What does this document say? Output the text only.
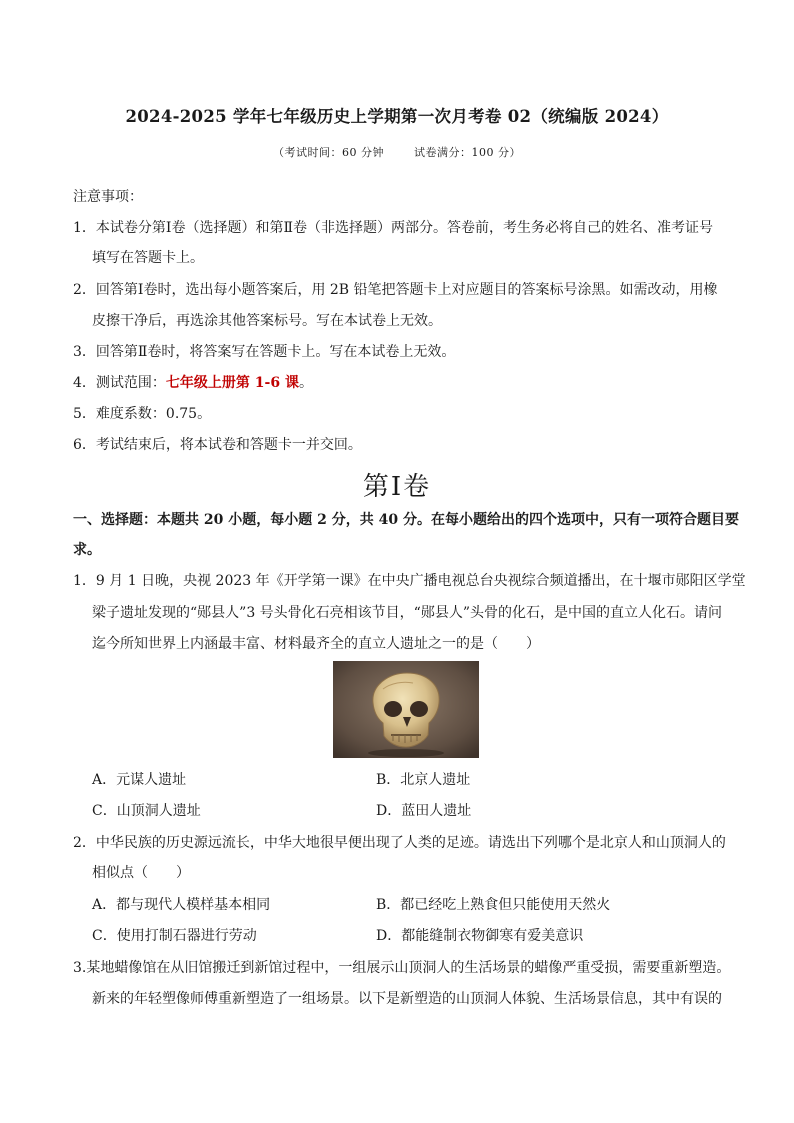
2024-2025 学年七年级历史上学期第一次月考卷 02（统编版 2024）
（考试时间：60 分钟	试卷满分：100 分）
注意事项：
1．本试卷分第Ⅰ卷（选择题）和第Ⅱ卷（非选择题）两部分。答卷前，考生务必将自己的姓名、准考证号
填写在答题卡上。
2．回答第Ⅰ卷时，选出每小题答案后，用 2B 铅笔把答题卡上对应题目的答案标号涂黑。如需改动，用橡
皮擦干净后，再选涂其他答案标号。写在本试卷上无效。
3．回答第Ⅱ卷时，将答案写在答题卡上。写在本试卷上无效。
4．测试范围：七年级上册第 1-6 课。
5．难度系数：0.75。
6．考试结束后，将本试卷和答题卡一并交回。
第Ⅰ卷
一、选择题：本题共 20 小题，每小题 2 分，共 40 分。在每小题给出的四个选项中，只有一项符合题目要
求。
1．9 月 1 日晚，央视 2023 年《开学第一课》在中央广播电视总台央视综合频道播出，在十堰市郧阳区学堂
梁子遗址发现的“郧县人”3 号头骨化石亮相该节目，“郧县人”头骨的化石，是中国的直立人化石。请问
迄今所知世界上内涵最丰富、材料最齐全的直立人遗址之一的是（　　）
A．元谋人遗址	B．北京人遗址
C．山顶洞人遗址	D．蓝田人遗址
2．中华民族的历史源远流长，中华大地很早便出现了人类的足迹。请选出下列哪个是北京人和山顶洞人的
相似点（　　）
A．都与现代人模样基本相同	B．都已经吃上熟食但只能使用天然火
C．使用打制石器进行劳动	D．都能缝制衣物御寒有爱美意识
3.某地蜡像馆在从旧馆搬迁到新馆过程中，一组展示山顶洞人的生活场景的蜡像严重受损，需要重新塑造。
新来的年轻塑像师傅重新塑造了一组场景。以下是新塑造的山顶洞人体貌、生活场景信息，其中有误的
